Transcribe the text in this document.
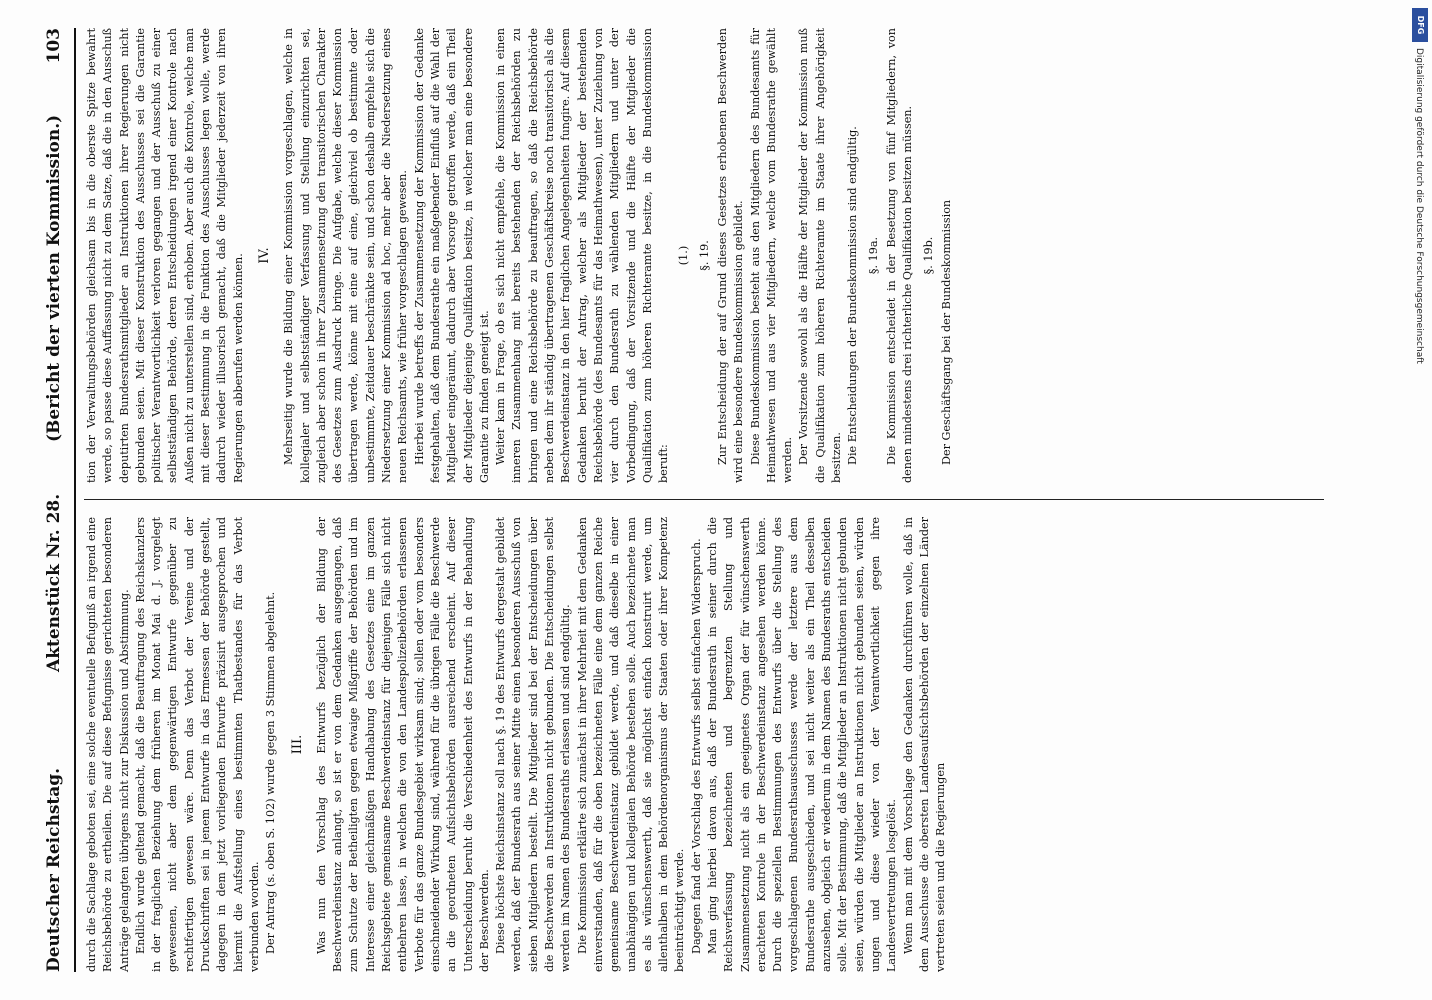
Deutscher Reichstag.
Aktenstück Nr. 28.
(Bericht der vierten Kommission.)
103

durch die Sachlage geboten sei, eine solche eventuelle Befugniß an irgend eine Reichsbehörde zu ertheilen. Die auf diese Befugnisse gerichteten besonderen Anträge gelangten übrigens nicht zur Diskussion und Abstimmung. Endlich wurde geltend gemacht, daß die Beauftragung des Reichskanzlers in der fraglichen Beziehung dem früheren im Monat Mai d. J. vorgelegt gewesenen, nicht aber dem gegenwärtigen Entwurfe gegenüber zu rechtfertigen gewesen wäre. Denn das Verbot der Vereine und der Druckschriften sei in jenem Entwurfe in das Ermessen der Behörde gestellt, dagegen in dem jetzt vorliegenden Entwurfe präzisirt ausgesprochen und hiermit die Aufstellung eines bestimmten Thatbestandes für das Verbot verbunden worden. Der Antrag (s. oben S. 102) wurde gegen 3 Stimmen abgelehnt. III. Was nun den Vorschlag des Entwurfs bezüglich der Bildung der Beschwerdeinstanz anlangt, so ist er von dem Gedanken ausgegangen, daß zum Schutze der Betheiligten gegen etwaige Mißgriffe der Behörden und im Interesse einer gleichmäßigen Handhabung des Gesetzes eine im ganzen Reichsgebiete gemeinsame Beschwerdeinstanz für diejenigen Fälle sich nicht entbehren lasse, in welchen die von den Landespolizeibehörden erlassenen Verbote für das ganze Bundesgebiet wirksam sind; sollen oder vom besonders einschneidender Wirkung sind, während für die übrigen Fälle die Beschwerde an die geordneten Aufsichtsbehörden ausreichend erscheint. Auf dieser Unterscheidung beruht die Verschiedenheit des Entwurfs in der Behandlung der Beschwerden. Diese höchste Reichsinstanz soll nach §. 19 des Entwurfs dergestalt gebildet werden, daß der Bundesrath aus seiner Mitte einen besonderen Ausschuß von sieben Mitgliedern bestellt. Die Mitglieder sind bei der Entscheidungen über die Beschwerden an Instruktionen nicht gebunden. Die Entscheidungen selbst werden im Namen des Bundesraths erlassen und sind endgültig. Die Kommission erklärte sich zunächst in ihrer Mehrheit mit dem Gedanken einverstanden, daß für die oben bezeichneten Fälle eine dem ganzen Reiche gemeinsame Beschwerdeinstanz gebildet werde, und daß dieselbe in einer unabhängigen und kollegialen Behörde bestehen solle. Auch bezeichnete man es als wünschenswerth, daß sie möglichst einfach konstruirt werde, um allenthalben in dem Behördenorganismus der Staaten oder ihrer Kompetenz beeinträchtigt werde. Dagegen fand der Vorschlag des Entwurfs selbst einfachen Widerspruch. Man ging hierbei davon aus, daß der Bundesrath in seiner durch die Reichsverfassung bezeichneten und begrenzten Stellung und Zusammensetzung nicht als ein geeignetes Organ der für wünschenswerth erachteten Kontrole in der Beschwerdeinstanz angesehen werden könne. Durch die speziellen Bestimmungen des Entwurfs über die Stellung des vorgeschlagenen Bundesrathsausschusses werde der letztere aus dem Bundesrathe ausgeschieden, und sei nicht weiter als ein Theil desselben anzusehen, obgleich er wiederum in dem Namen des Bundesraths entscheiden solle. Mit der Bestimmung, daß die Mitglieder an Instruktionen nicht gebunden seien, würden die Mitglieder an Instruktionen nicht gebunden seien, würden ungen und diese wieder von der Verantwortlichkeit gegen ihre Landesvertretungen losgelöst. Wenn man mit dem Vorschlage den Gedanken durchführen wolle, daß in dem Ausschusse die obersten Landesaufsichtsbehörden der einzelnen Länder vertreten seien und die Regierungen

tion der Verwaltungsbehörden gleichsam bis in die oberste Spitze bewahrt werde, so passe diese Auffassung nicht zu dem Satze, daß die in den Ausschuß deputirten Bundesrathsmitglieder an Instruktionen ihrer Regierungen nicht gebunden seien. Mit dieser Konstruktion des Ausschusses sei die Garantie politischer Verantwortlichkeit verloren gegangen und der Ausschuß zu einer selbstständigen Behörde, deren Entscheidungen irgend einer Kontrole nach Außen nicht zu unterstellen sind, erhoben. Aber auch die Kontrole, welche man mit dieser Bestimmung in die Funktion des Ausschusses legen wolle, werde dadurch wieder illusorisch gemacht, daß die Mitglieder jederzeit von ihren Regierungen abberufen werden können. IV. Mehrseitig wurde die Bildung einer Kommission vorgeschlagen, welche in kollegialer und selbstständiger Verfassung und Stellung einzurichten sei, zugleich aber schon in ihrer Zusammensetzung den transitorischen Charakter des Gesetzes zum Ausdruck bringe. Die Aufgabe, welche dieser Kommission übertragen werde, könne mit eine auf eine, gleichviel ob bestimmte oder unbestimmte, Zeitdauer beschränkte sein, und schon deshalb empfehle sich die Niedersetzung einer Kommission ad hoc, mehr aber die Niedersetzung eines neuen Reichsamts, wie früher vorgeschlagen gewesen. Hierbei wurde betreffs der Zusammensetzung der Kommission der Gedanke festgehalten, daß dem Bundesrathe ein maßgebender Einfluß auf die Wahl der Mitglieder eingeräumt, dadurch aber Vorsorge getroffen werde, daß ein Theil der Mitglieder diejenige Qualifikation besitze, in welcher man eine besondere Garantie zu finden geneigt ist. Weiter kam in Frage, ob es sich nicht empfehle, die Kommission in einen inneren Zusammenhang mit bereits bestehenden der Reichsbehörden zu bringen und eine Reichsbehörde zu beauftragen, so daß die Reichsbehörde neben dem ihr ständig übertragenen Geschäftskreise noch transitorisch als die Beschwerdeinstanz in den hier fraglichen Angelegenheiten fungire. Auf diesem Gedanken beruht der Antrag, welcher als Mitglieder der bestehenden Reichsbehörde (des Bundesamts für das Heimathwesen), unter Zuziehung von vier durch den Bundesrath zu wählenden Mitgliedern und unter der Vorbedingung, daß der Vorsitzende und die Hälfte der Mitglieder die Qualifikation zum höheren Richteramte besitze, in die Bundeskommission beruft:

(1.) §. 19. Zur Entscheidung der auf Grund dieses Gesetzes erhobenen Beschwerden wird eine besondere Bundeskommission gebildet. Diese Bundeskommission besteht aus den Mitgliedern des Bundesamts für Heimathwesen und aus vier Mitgliedern, welche vom Bundesrathe gewählt werden. Der Vorsitzende sowohl als die Hälfte der Mitglieder der Kommission muß die Qualifikation zum höheren Richteramte im Staate ihrer Angehörigkeit besitzen. Die Entscheidungen der Bundeskommission sind endgültig. §. 19a. Die Kommission entscheidet in der Besetzung von fünf Mitgliedern, von denen mindestens drei richterliche Qualifikation besitzen müssen. §. 19b. Der Geschäftsgang bei der Bundeskommission

DFG
Digitalisierung gefördert durch die Deutsche Forschungsgemeinschaft
